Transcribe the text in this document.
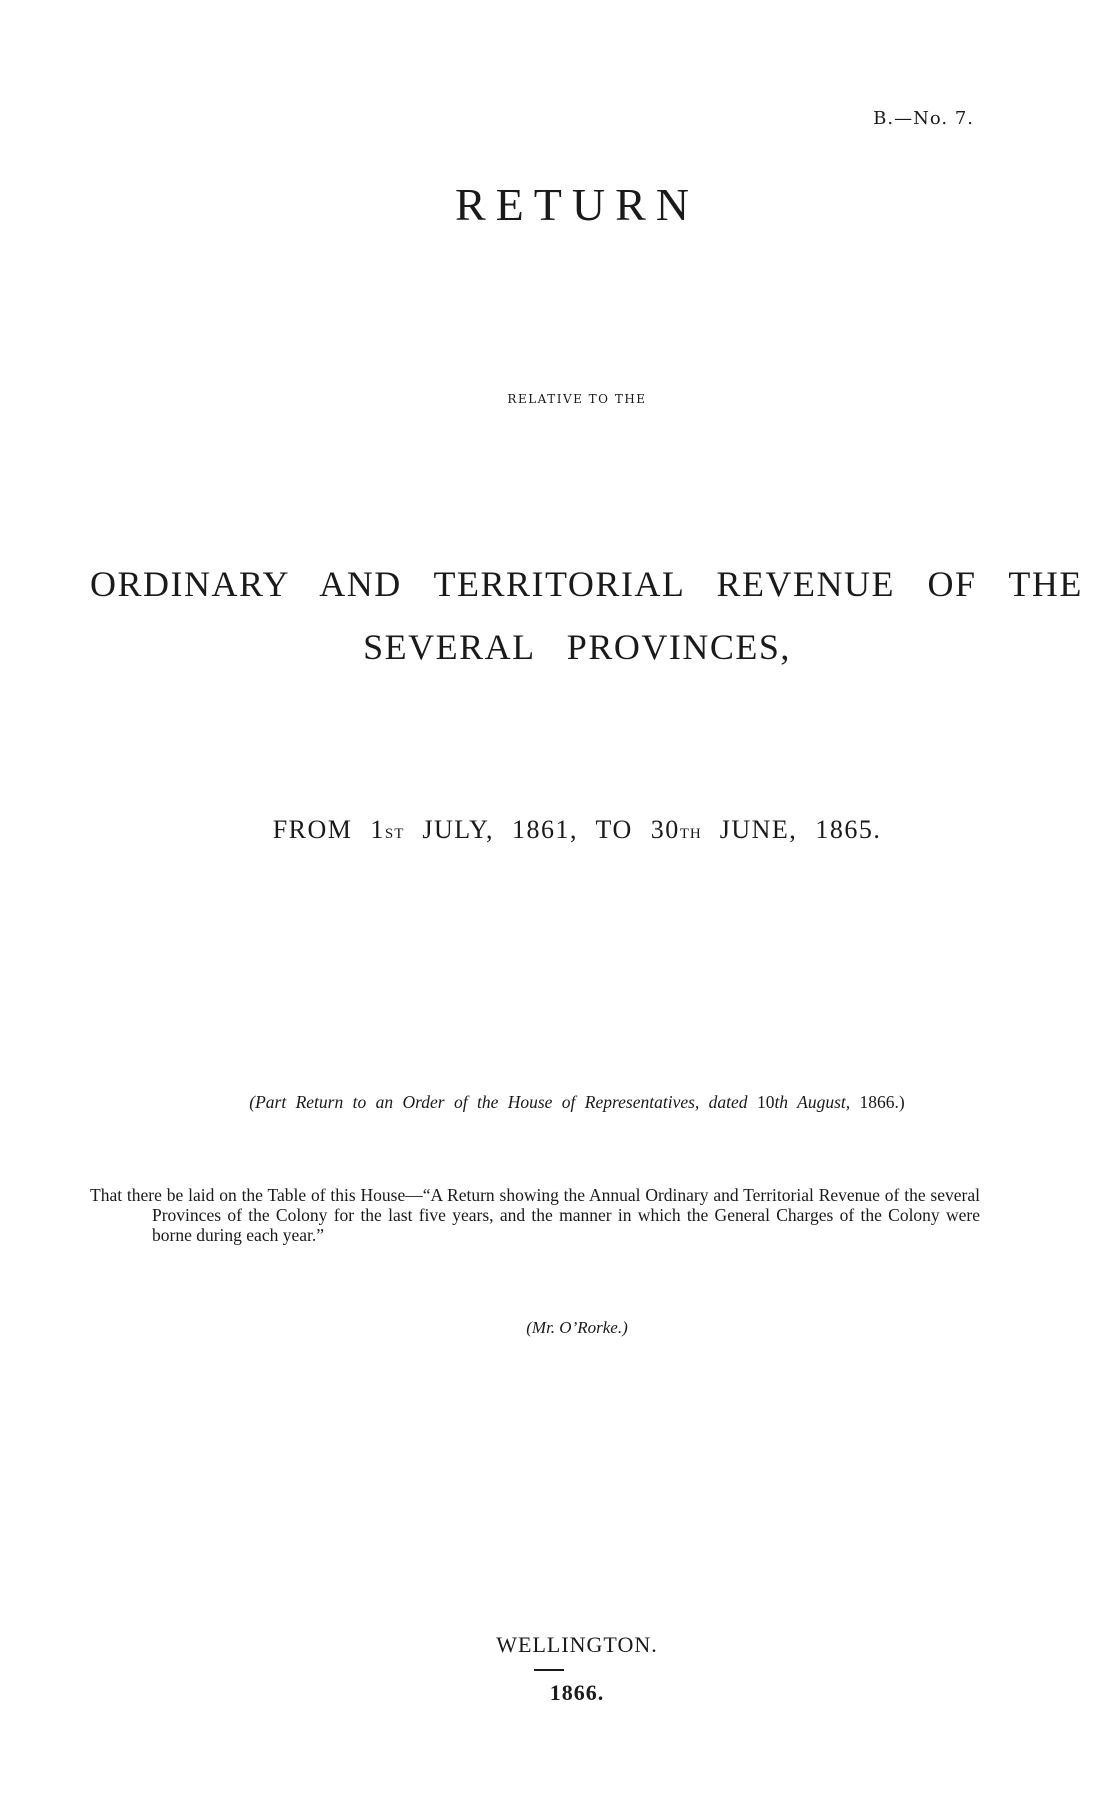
B.—No. 7.
RETURN
RELATIVE TO THE
ORDINARY AND TERRITORIAL REVENUE OF THE
SEVERAL PROVINCES,
FROM 1ST JULY, 1861, TO 30TH JUNE, 1865.
(Part Return to an Order of the House of Representatives, dated 10th August, 1866.)
That there be laid on the Table of this House—“A Return showing the Annual Ordinary and Territorial Revenue of the several Provinces of the Colony for the last five years, and the manner in which the General Charges of the Colony were borne during each year.”
(Mr. O’Rorke.)
WELLINGTON.
1866.
